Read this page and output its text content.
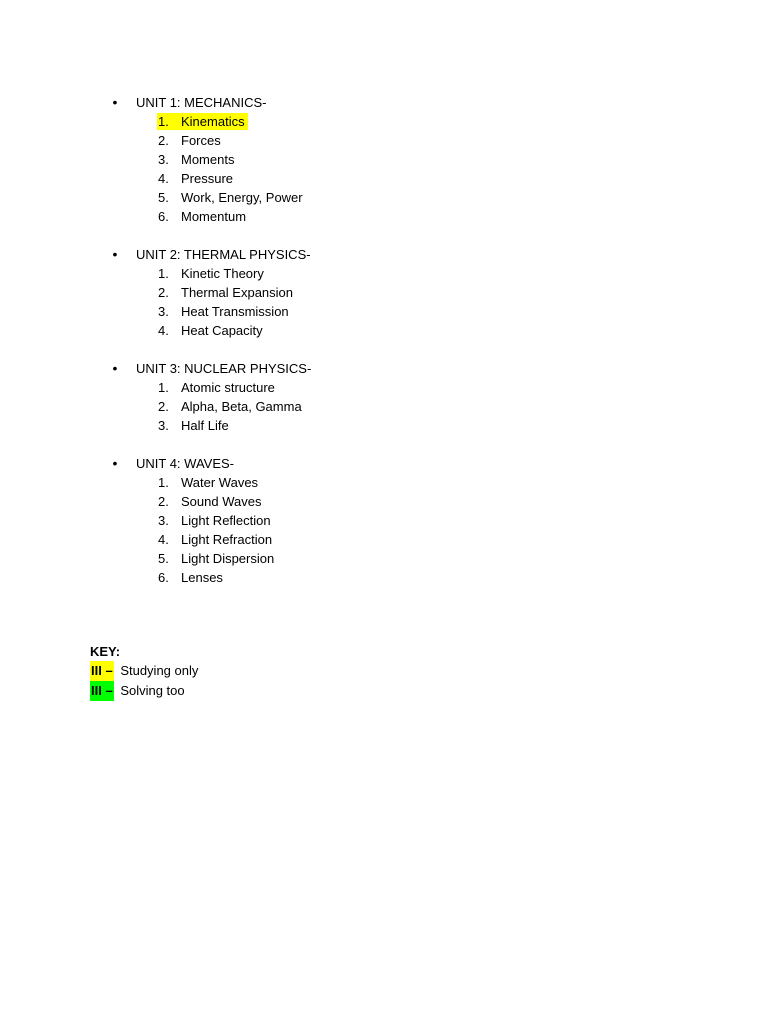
• UNIT 1: MECHANICS-
1. Kinematics
2. Forces
3. Moments
4. Pressure
5. Work, Energy, Power
6. Momentum
• UNIT 2: THERMAL PHYSICS-
1. Kinetic Theory
2. Thermal Expansion
3. Heat Transmission
4. Heat Capacity
• UNIT 3: NUCLEAR PHYSICS-
1. Atomic structure
2. Alpha, Beta, Gamma
3. Half Life
• UNIT 4: WAVES-
1. Water Waves
2. Sound Waves
3. Light Reflection
4. Light Refraction
5. Light Dispersion
6. Lenses
KEY:
III – Studying only
III – Solving too
